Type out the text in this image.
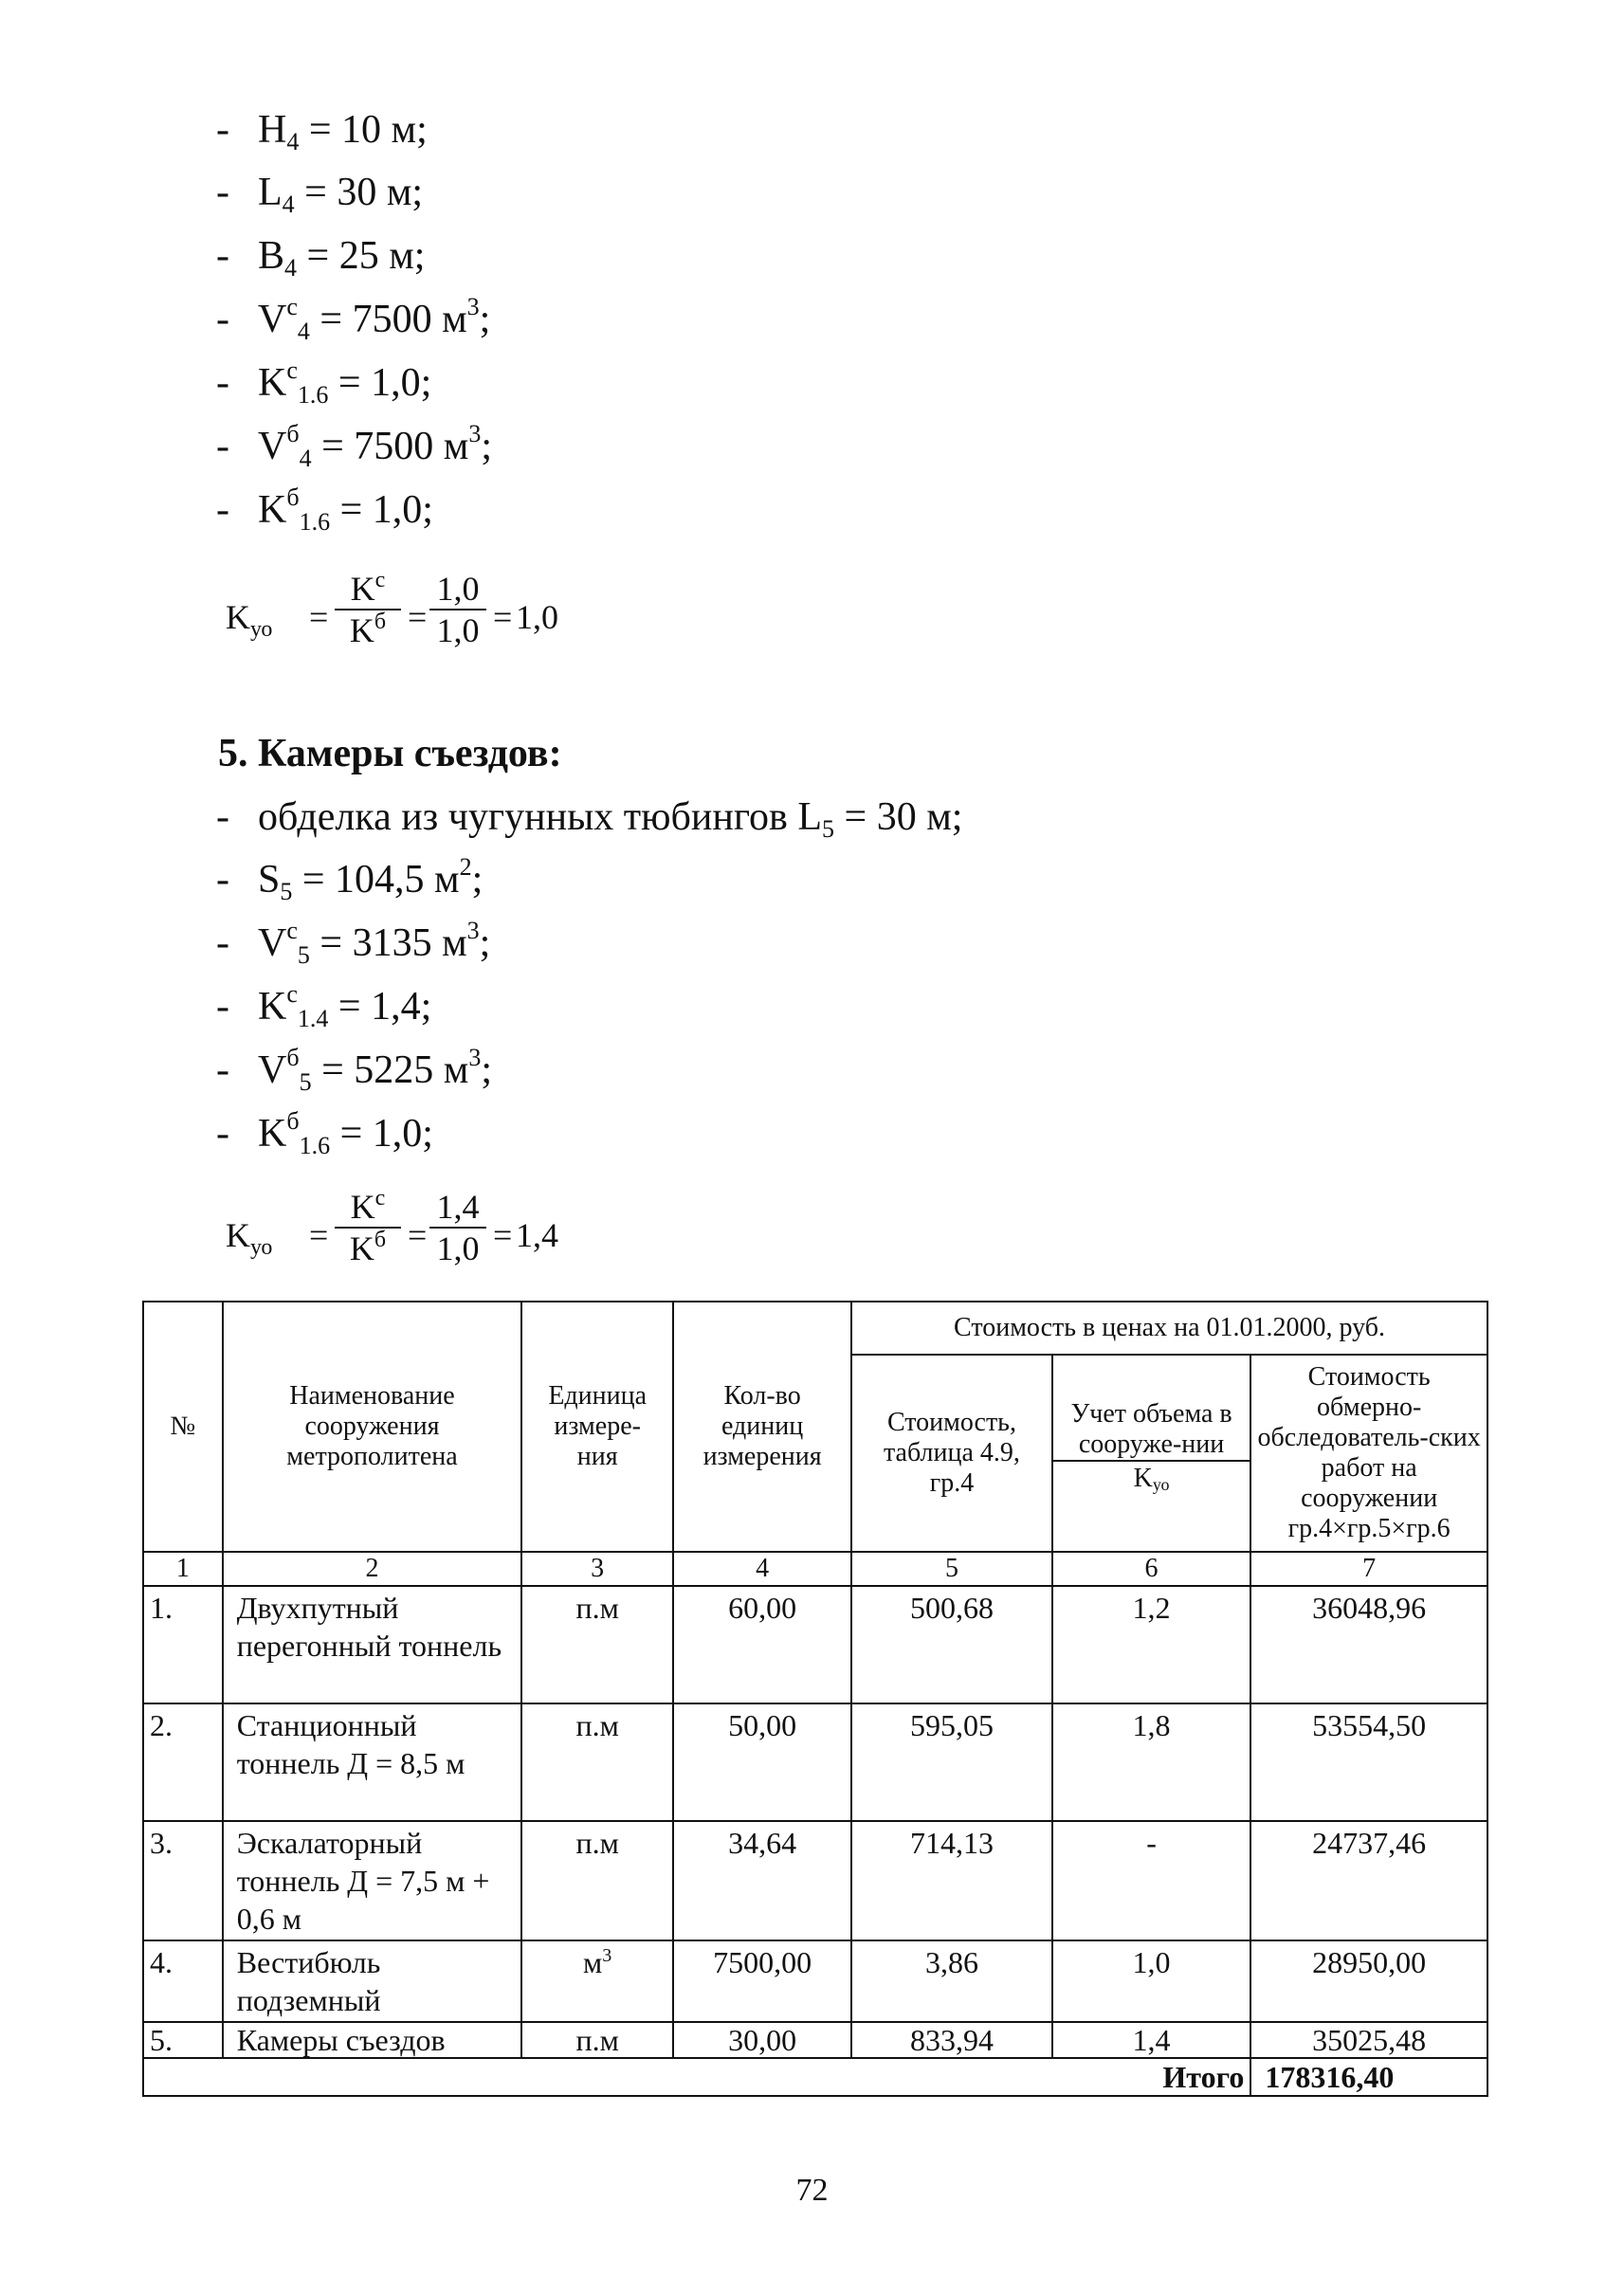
- $H_4 = 10$ м;
- $L_4 = 30$ м;
- $B_4 = 25$ м;
- $V^с_4 = 7500$ $м^3$;
- $K^с_{1.6} = 1,0$;
- $V^б_4 = 7500$ $м^3$;
- $K^б_{1.6} = 1,0$;
$K_{уо}$ =
$K^с$
$K^б = \frac{1,0}{1,0} = 1,0$
5. Камеры съездов:
- обделка из чугунных тюбингов $L_5 = 30$ м;
- $S_5 = 104,5$ $м^2$;
- $V^с_5 = 3135$ $м^3$;
- $K^с_{1.4} = 1,4$;
- $V^б_5 = 5225$ $м^3$;
- $K^б_{1.6} = 1,0$;
$K_{уо}$ =
$K^с$
$K^б = \frac{1,4}{1,0} = 1,4$
№	Наименование сооружения метрополитена	Единица измере-ния	Кол-во единиц измерения	Стоимость в ценах на 01.01.2000, руб.		
				Стоимость, таблица 4.9, гр.4	Учет объема в сооруже-нии	Стоимость обмерно-обследователь-ских работ на сооружении гр.4×гр.5×гр.6
					$K_{уо}$
1	2	3	4	5	6	7
1.	Двухпутный перегонный тоннель	п.м	60,00	500,68	1,2	36048,96
2.	Станционный тоннель Д = 8,5 м	п.м	50,00	595,05	1,8	53554,50
3.	Эскалаторный тоннель Д = 7,5 м + 0,6 м	п.м	34,64	714,13	-	24737,46
4.	Вестибюль подземный	$м^3$	7500,00	3,86	1,0	28950,00
5.	Камеры съездов	п.м	30,00	833,94	1,4	35025,48
Итого						178316,40
72
